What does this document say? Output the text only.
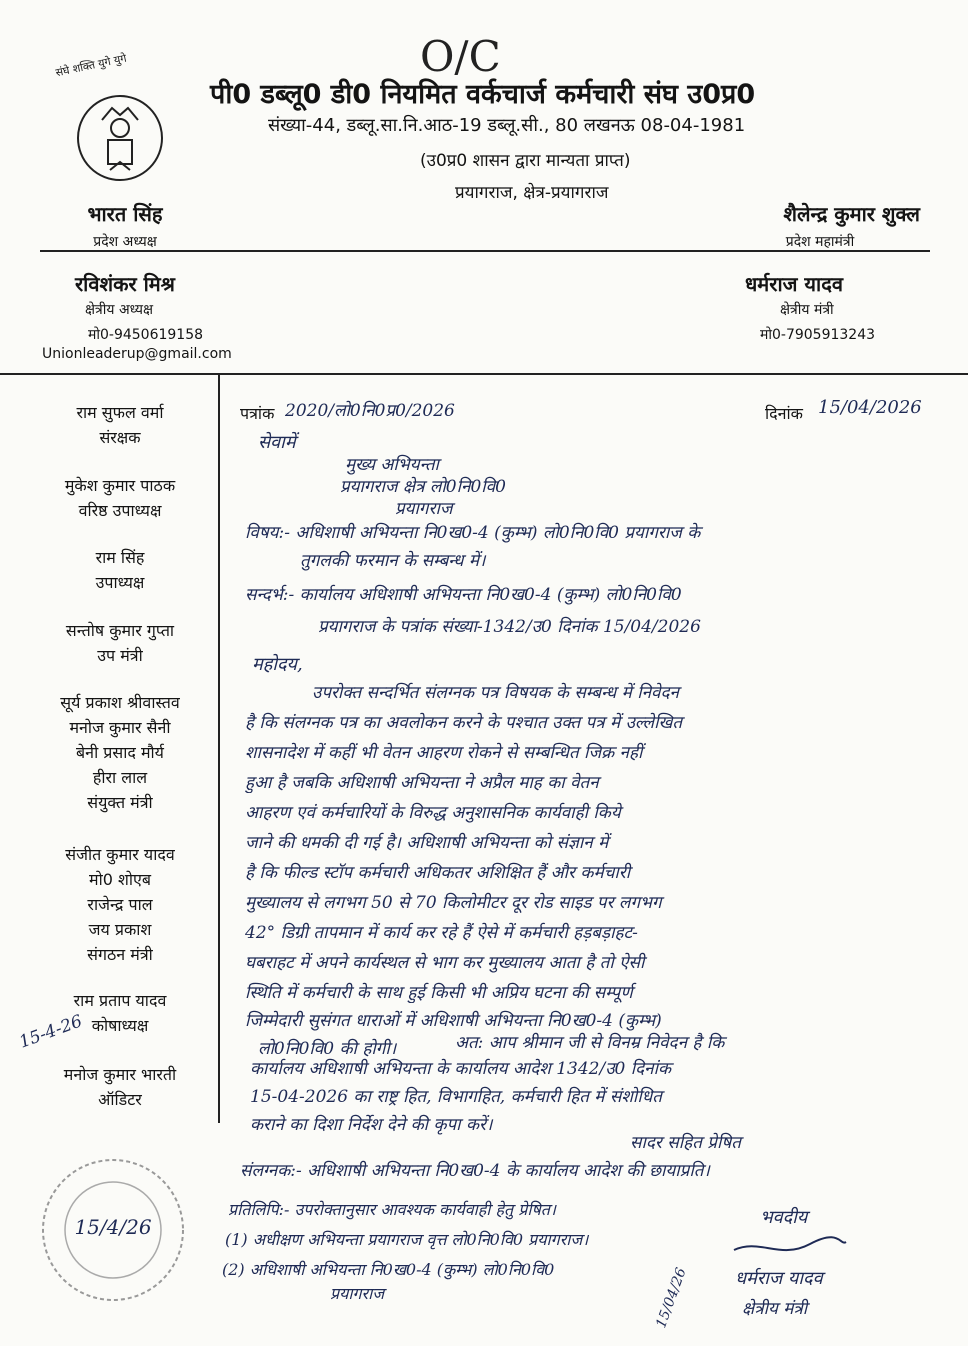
O/C
संघे शक्ति युगे युगे
पी0 डब्लू0 डी0 नियमित वर्कचार्ज कर्मचारी संघ उ0प्र0
संख्या-44, डब्लू.सा.नि.आठ-19 डब्लू.सी., 80 लखनऊ 08-04-1981
(उ0प्र0 शासन द्वारा मान्यता प्राप्त)
प्रयागराज, क्षेत्र-प्रयागराज
भारत सिंह
प्रदेश अध्यक्ष
शैलेन्द्र कुमार शुक्ल
प्रदेश महामंत्री
रविशंकर मिश्र
क्षेत्रीय अध्यक्ष
मो0-9450619158
Unionleaderup@gmail.com
धर्मराज यादव
क्षेत्रीय मंत्री
मो0-7905913243
राम सुफल वर्मा
संरक्षक
मुकेश कुमार पाठक
वरिष्ठ उपाध्यक्ष
राम सिंह
उपाध्यक्ष
सन्तोष कुमार गुप्ता
उप मंत्री
सूर्य प्रकाश श्रीवास्तव
मनोज कुमार सैनी
बेनी प्रसाद मौर्य
हीरा लाल
संयुक्त मंत्री
संजीत कुमार यादव
मो0 शोएब
राजेन्द्र पाल
जय प्रकाश
संगठन मंत्री
राम प्रताप यादव
कोषाध्यक्ष
मनोज कुमार भारती
ऑडिटर
15-4-26
15/4/26
पत्रांक 2020/लो0नि0प्र0/2026	दिनांक 15/04/2026
सेवामें
मुख्य अभियन्ता
प्रयागराज क्षेत्र लो0नि0वि0
प्रयागराज
विषय:- अधिशाषी अभियन्ता नि0ख0-4 (कुम्भ) लो0नि0वि0 प्रयागराज के
तुगलकी फरमान के सम्बन्ध में।
सन्दर्भ:- कार्यालय अधिशाषी अभियन्ता नि0ख0-4 (कुम्भ) लो0नि0वि0
प्रयागराज के पत्रांक संख्या-1342/उ0 दिनांक 15/04/2026
महोदय,
उपरोक्त सन्दर्भित संलग्नक पत्र विषयक के सम्बन्ध में निवेदन
है कि संलग्नक पत्र का अवलोकन करने के पश्चात उक्त पत्र में उल्लेखित
शासनादेश में कहीं भी वेतन आहरण रोकने से सम्बन्धित जिक्र नहीं
हुआ है जबकि अधिशाषी अभियन्ता ने अप्रैल माह का वेतन
आहरण एवं कर्मचारियों के विरुद्ध अनुशासनिक कार्यवाही किये
जाने की धमकी दी गई है। अधिशाषी अभियन्ता को संज्ञान में
है कि फील्ड स्टॉप कर्मचारी अधिकतर अशिक्षित हैं और कर्मचारी
मुख्यालय से लगभग 50 से 70 किलोमीटर दूर रोड साइड पर लगभग
42° डिग्री तापमान में कार्य कर रहे हैं ऐसे में कर्मचारी हड़बड़ाहट-
घबराहट में अपने कार्यस्थल से भाग कर मुख्यालय आता है तो ऐसी
स्थिति में कर्मचारी के साथ हुई किसी भी अप्रिय घटना की सम्पूर्ण
जिम्मेदारी सुसंगत धाराओं में अधिशाषी अभियन्ता नि0ख0-4 (कुम्भ)
लो0नि0वि0 की होगी।	अत: आप श्रीमान जी से विनम्र निवेदन है कि
कार्यालय अधिशाषी अभियन्ता के कार्यालय आदेश 1342/उ0 दिनांक
15-04-2026 का राष्ट्र हित, विभागहित, कर्मचारी हित में संशोधित
कराने का दिशा निर्देश देने की कृपा करें।
सादर सहित प्रेषित
संलग्नक:- अधिशाषी अभियन्ता नि0ख0-4 के कार्यालय आदेश की छायाप्रति।
प्रतिलिपि:- उपरोक्तानुसार आवश्यक कार्यवाही हेतु प्रेषित।
(1) अधीक्षण अभियन्ता प्रयागराज वृत्त लो0नि0वि0 प्रयागराज।
(2) अधिशाषी अभियन्ता नि0ख0-4 (कुम्भ) लो0नि0वि0
प्रयागराज	15/04/26
भवदीय
धर्मराज यादव
क्षेत्रीय मंत्री
